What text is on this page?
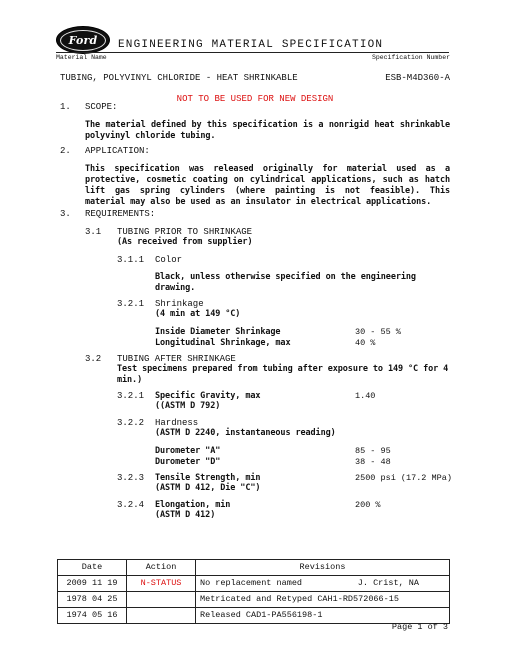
Ford ENGINEERING MATERIAL SPECIFICATION
Material Name	Specification Number
TUBING, POLYVINYL CHLORIDE - HEAT SHRINKABLE	ESB-M4D360-A
NOT TO BE USED FOR NEW DESIGN
1. SCOPE:
The material defined by this specification is a nonrigid heat shrinkable polyvinyl chloride tubing.
2. APPLICATION:
This specification was released originally for material used as a protective, cosmetic coating on cylindrical applications, such as hatch lift gas spring cylinders (where painting is not feasible). This material may also be used as an insulator in electrical applications.
3. REQUIREMENTS:
3.1 TUBING PRIOR TO SHRINKAGE
(As received from supplier)
3.1.1 Color
Black, unless otherwise specified on the engineering drawing.
3.2.1 Shrinkage
(4 min at 149 °C)
Inside Diameter Shrinkage	30 - 55 %
Longitudinal Shrinkage, max	40 %
3.2 TUBING AFTER SHRINKAGE
Test specimens prepared from tubing after exposure to 149 °C for 4 min.)
3.2.1 Specific Gravity, max	1.40
((ASTM D 792)
3.2.2 Hardness
(ASTM D 2240, instantaneous reading)
Durometer "A"	85 - 95
Durometer "D"	38 - 48
3.2.3 Tensile Strength, min	2500 psi (17.2 MPa)
(ASTM D 412, Die "C")
3.2.4 Elongation, min	200 %
(ASTM D 412)
Date	Action	Revisions
2009 11 19	N-STATUS	No replacement named J. Crist, NA

1978 04 25		Metricated and Retyped CAH1-RD572066-15
1974 05 16		Released CAD1-PA556198-1
Page 1 of 3
